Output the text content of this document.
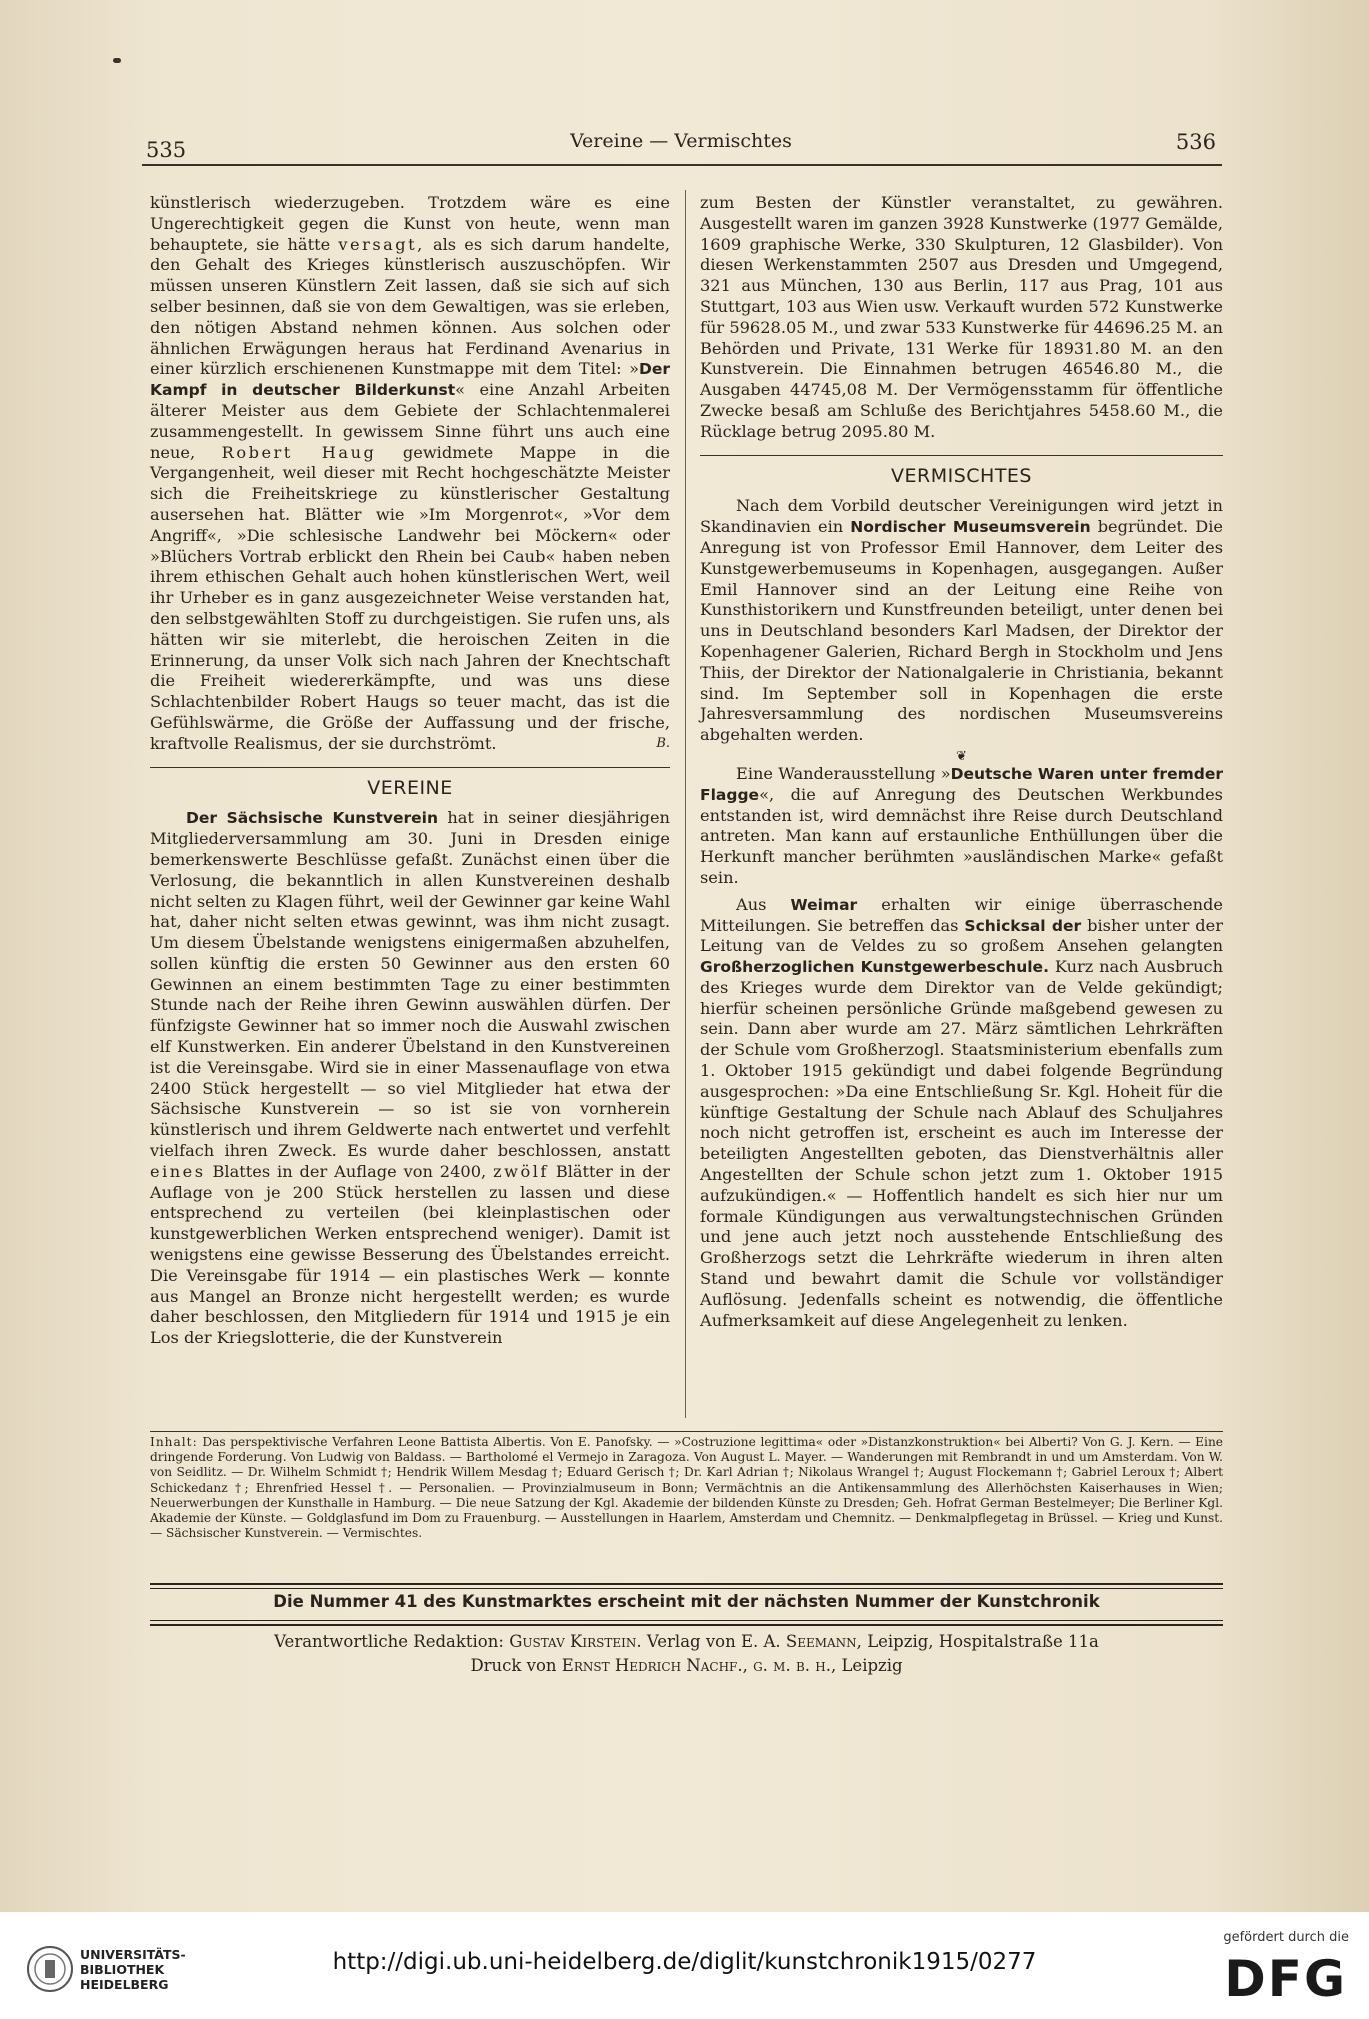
535	Vereine — Vermischtes	536

künstlerisch wiederzugeben. Trotzdem wäre es eine Ungerechtigkeit gegen die Kunst von heute, wenn man behauptete, sie hätte versagt, als es sich darum handelte, den Gehalt des Krieges künstlerisch auszuschöpfen. Wir müssen unseren Künstlern Zeit lassen, daß sie sich auf sich selber besinnen, daß sie von dem Gewaltigen, was sie erleben, den nötigen Abstand nehmen können. Aus solchen oder ähnlichen Erwägungen heraus hat Ferdinand Avenarius in einer kürzlich erschienenen Kunstmappe mit dem Titel: »Der Kampf in deutscher Bilderkunst« eine Anzahl Arbeiten älterer Meister aus dem Gebiete der Schlachtenmalerei zusammengestellt. In gewissem Sinne führt uns auch eine neue, Robert Haug gewidmete Mappe in die Vergangenheit, weil dieser mit Recht hochgeschätzte Meister sich die Freiheitskriege zu künstlerischer Gestaltung ausersehen hat. Blätter wie »Im Morgenrot«, »Vor dem Angriff«, »Die schlesische Landwehr bei Möckern« oder »Blüchers Vortrab erblickt den Rhein bei Caub« haben neben ihrem ethischen Gehalt auch hohen künstlerischen Wert, weil ihr Urheber es in ganz ausgezeichneter Weise verstanden hat, den selbstgewählten Stoff zu durchgeistigen. Sie rufen uns, als hätten wir sie miterlebt, die heroischen Zeiten in die Erinnerung, da unser Volk sich nach Jahren der Knechtschaft die Freiheit wiedererkämpfte, und was uns diese Schlachtenbilder Robert Haugs so teuer macht, das ist die Gefühlswärme, die Größe der Auffassung und der frische, kraftvolle Realismus, der sie durchströmt.	B.

VEREINE

Der Sächsische Kunstverein hat in seiner diesjährigen Mitgliederversammlung am 30. Juni in Dresden einige bemerkenswerte Beschlüsse gefaßt. Zunächst einen über die Verlosung, die bekanntlich in allen Kunstvereinen deshalb nicht selten zu Klagen führt, weil der Gewinner gar keine Wahl hat, daher nicht selten etwas gewinnt, was ihm nicht zusagt. Um diesem Übelstande wenigstens einigermaßen abzuhelfen, sollen künftig die ersten 50 Gewinner aus den ersten 60 Gewinnen an einem bestimmten Tage zu einer bestimmten Stunde nach der Reihe ihren Gewinn auswählen dürfen. Der fünfzigste Gewinner hat so immer noch die Auswahl zwischen elf Kunstwerken. Ein anderer Übelstand in den Kunstvereinen ist die Vereinsgabe. Wird sie in einer Massenauflage von etwa 2400 Stück hergestellt — so viel Mitglieder hat etwa der Sächsische Kunstverein — so ist sie von vornherein künstlerisch und ihrem Geldwerte nach entwertet und verfehlt vielfach ihren Zweck. Es wurde daher beschlossen, anstatt eines Blattes in der Auflage von 2400, zwölf Blätter in der Auflage von je 200 Stück herstellen zu lassen und diese entsprechend zu verteilen (bei kleinplastischen oder kunstgewerblichen Werken entsprechend weniger). Damit ist wenigstens eine gewisse Besserung des Übelstandes erreicht. Die Vereinsgabe für 1914 — ein plastisches Werk — konnte aus Mangel an Bronze nicht hergestellt werden; es wurde daher beschlossen, den Mitgliedern für 1914 und 1915 je ein Los der Kriegslotterie, die der Kunstverein

zum Besten der Künstler veranstaltet, zu gewähren. Ausgestellt waren im ganzen 3928 Kunstwerke (1977 Gemälde, 1609 graphische Werke, 330 Skulpturen, 12 Glasbilder). Von diesen Werkenstammten 2507 aus Dresden und Umgegend, 321 aus München, 130 aus Berlin, 117 aus Prag, 101 aus Stuttgart, 103 aus Wien usw. Verkauft wurden 572 Kunstwerke für 59628.05 M., und zwar 533 Kunstwerke für 44696.25 M. an Behörden und Private, 131 Werke für 18931.80 M. an den Kunstverein. Die Einnahmen betrugen 46546.80 M., die Ausgaben 44745,08 M. Der Vermögensstamm für öffentliche Zwecke besaß am Schluße des Berichtjahres 5458.60 M., die Rücklage betrug 2095.80 M.

VERMISCHTES

Nach dem Vorbild deutscher Vereinigungen wird jetzt in Skandinavien ein Nordischer Museumsverein begründet. Die Anregung ist von Professor Emil Hannover, dem Leiter des Kunstgewerbemuseums in Kopenhagen, ausgegangen. Außer Emil Hannover sind an der Leitung eine Reihe von Kunsthistorikern und Kunstfreunden beteiligt, unter denen bei uns in Deutschland besonders Karl Madsen, der Direktor der Kopenhagener Galerien, Richard Bergh in Stockholm und Jens Thiis, der Direktor der Nationalgalerie in Christiania, bekannt sind. Im September soll in Kopenhagen die erste Jahresversammlung des nordischen Museumsvereins abgehalten werden.

❦

Eine Wanderausstellung »Deutsche Waren unter fremder Flagge«, die auf Anregung des Deutschen Werkbundes entstanden ist, wird demnächst ihre Reise durch Deutschland antreten. Man kann auf erstaunliche Enthüllungen über die Herkunft mancher berühmten »ausländischen Marke« gefaßt sein.

Aus Weimar erhalten wir einige überraschende Mitteilungen. Sie betreffen das Schicksal der bisher unter der Leitung van de Veldes zu so großem Ansehen gelangten Großherzoglichen Kunstgewerbeschule. Kurz nach Ausbruch des Krieges wurde dem Direktor van de Velde gekündigt; hierfür scheinen persönliche Gründe maßgebend gewesen zu sein. Dann aber wurde am 27. März sämtlichen Lehrkräften der Schule vom Großherzogl. Staatsministerium ebenfalls zum 1. Oktober 1915 gekündigt und dabei folgende Begründung ausgesprochen: »Da eine Entschließung Sr. Kgl. Hoheit für die künftige Gestaltung der Schule nach Ablauf des Schuljahres noch nicht getroffen ist, erscheint es auch im Interesse der beteiligten Angestellten geboten, das Dienstverhältnis aller Angestellten der Schule schon jetzt zum 1. Oktober 1915 aufzukündigen.« — Hoffentlich handelt es sich hier nur um formale Kündigungen aus verwaltungstechnischen Gründen und jene auch jetzt noch ausstehende Entschließung des Großherzogs setzt die Lehrkräfte wiederum in ihren alten Stand und bewahrt damit die Schule vor vollständiger Auflösung. Jedenfalls scheint es notwendig, die öffentliche Aufmerksamkeit auf diese Angelegenheit zu lenken.

Inhalt: Das perspektivische Verfahren Leone Battista Albertis. Von E. Panofsky. — »Costruzione legittima« oder »Distanzkonstruktion« bei Alberti? Von G. J. Kern. — Eine dringende Forderung. Von Ludwig von Baldass. — Bartholomé el Vermejo in Zaragoza. Von August L. Mayer. — Wanderungen mit Rembrandt in und um Amsterdam. Von W. von Seidlitz. — Dr. Wilhelm Schmidt †; Hendrik Willem Mesdag †; Eduard Gerisch †; Dr. Karl Adrian †; Nikolaus Wrangel †; August Flockemann †; Gabriel Leroux †; Albert Schickedanz †; Ehrenfried Hessel †. — Personalien. — Provinzialmuseum in Bonn; Vermächtnis an die Antikensammlung des Allerhöchsten Kaiserhauses in Wien; Neuerwerbungen der Kunsthalle in Hamburg. — Die neue Satzung der Kgl. Akademie der bildenden Künste zu Dresden; Geh. Hofrat German Bestelmeyer; Die Berliner Kgl. Akademie der Künste. — Goldglasfund im Dom zu Frauenburg. — Ausstellungen in Haarlem, Amsterdam und Chemnitz. — Denkmalpflegetag in Brüssel. — Krieg und Kunst. — Sächsischer Kunstverein. — Vermischtes.
Die Nummer 41 des Kunstmarktes erscheint mit der nächsten Nummer der Kunstchronik
Verantwortliche Redaktion: Gustav Kirstein. Verlag von E. A. Seemann, Leipzig, Hospitalstraße 11a
Druck von Ernst Hedrich Nachf., g. m. b. h., Leipzig
UNIVERSITÄTS-
BIBLIOTHEK
HEIDELBERG
http://digi.ub.uni-heidelberg.de/diglit/kunstchronik1915/0277
gefördert durch die
DFG
